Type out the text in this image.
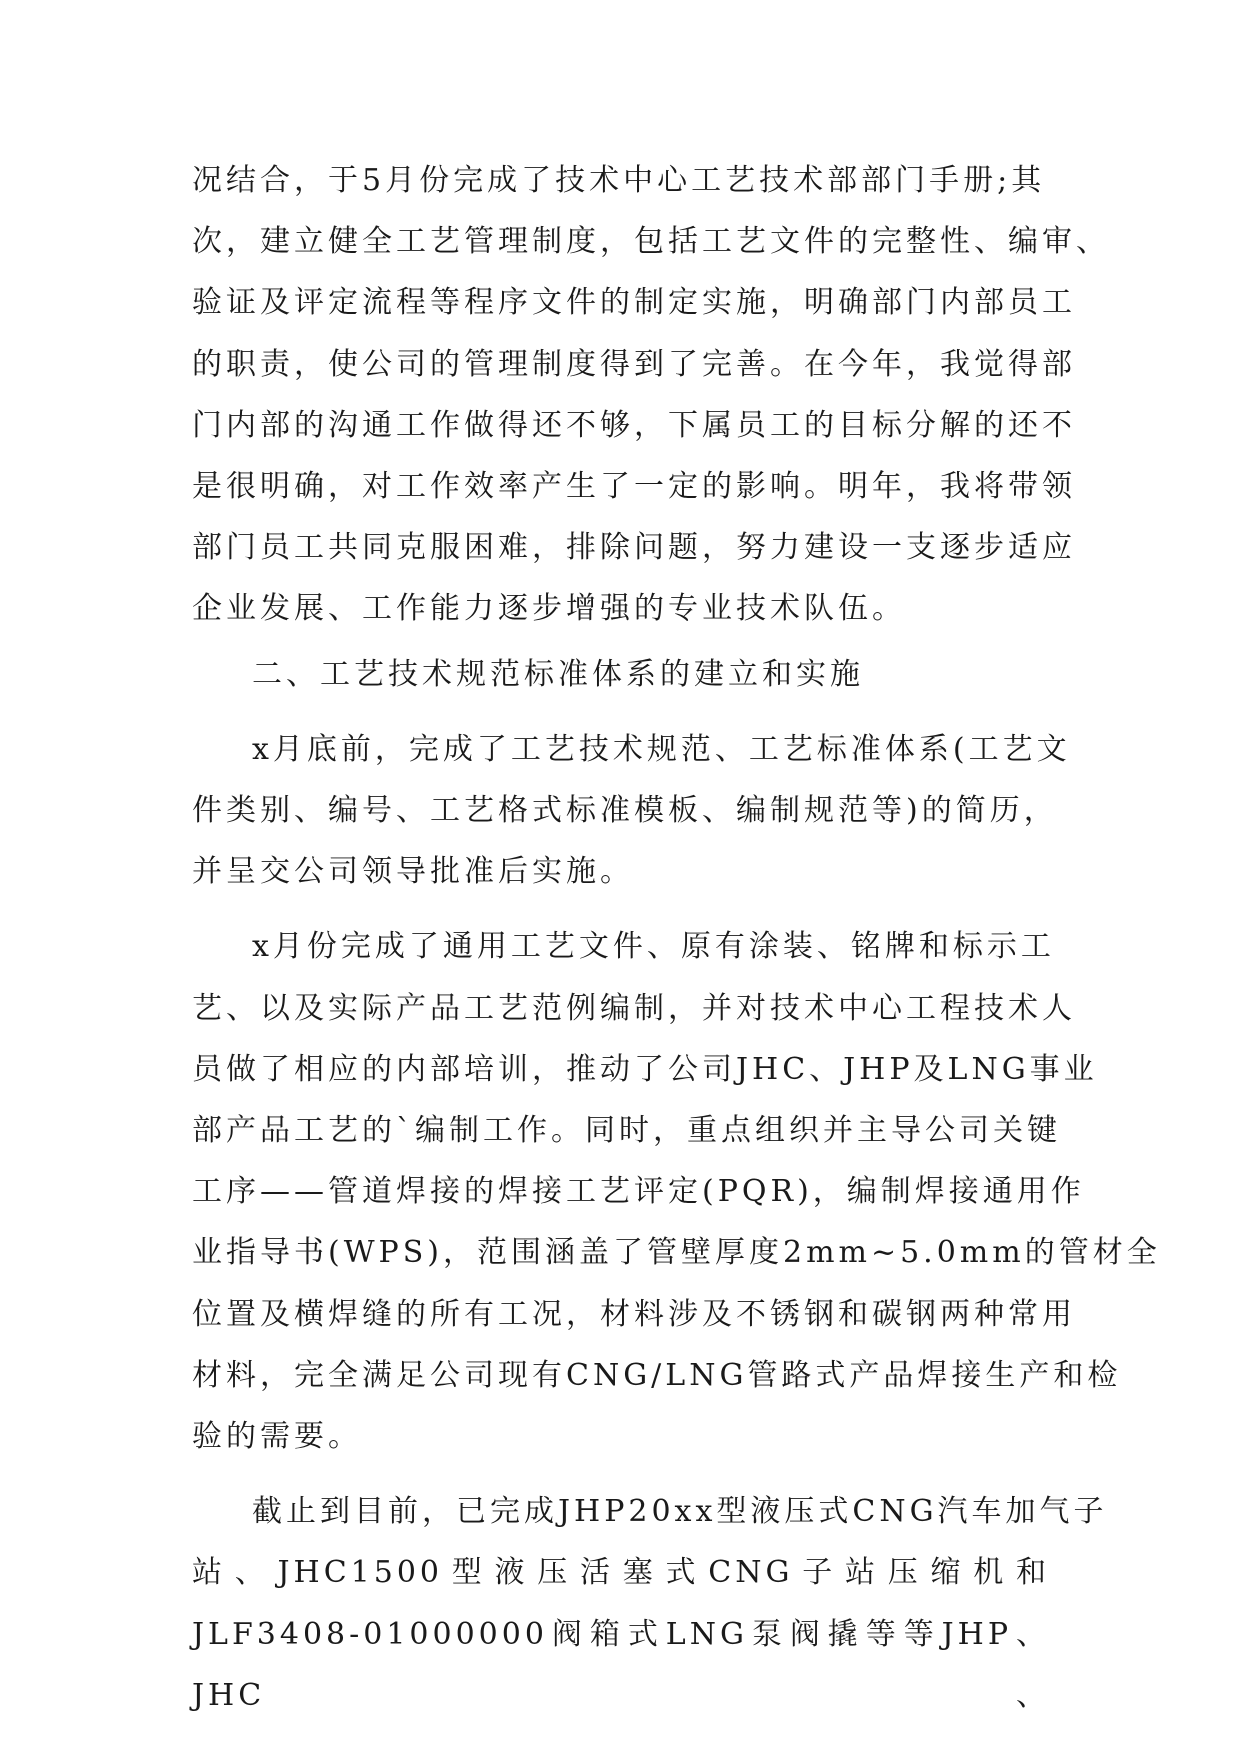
况结合，于5月份完成了技术中心工艺技术部部门手册;其
次，建立健全工艺管理制度，包括工艺文件的完整性、编审、
验证及评定流程等程序文件的制定实施，明确部门内部员工
的职责，使公司的管理制度得到了完善。在今年，我觉得部
门内部的沟通工作做得还不够，下属员工的目标分解的还不
是很明确，对工作效率产生了一定的影响。明年，我将带领
部门员工共同克服困难，排除问题，努力建设一支逐步适应
企业发展、工作能力逐步增强的专业技术队伍。

二、工艺技术规范标准体系的建立和实施

x月底前，完成了工艺技术规范、工艺标准体系(工艺文
件类别、编号、工艺格式标准模板、编制规范等)的简历，
并呈交公司领导批准后实施。

x月份完成了通用工艺文件、原有涂装、铭牌和标示工
艺、以及实际产品工艺范例编制，并对技术中心工程技术人
员做了相应的内部培训，推动了公司JHC、JHP及LNG事业
部产品工艺的`编制工作。同时，重点组织并主导公司关键
工序——管道焊接的焊接工艺评定(PQR)，编制焊接通用作
业指导书(WPS)，范围涵盖了管壁厚度2mm~5.0mm的管材全
位置及横焊缝的所有工况，材料涉及不锈钢和碳钢两种常用
材料，完全满足公司现有CNG/LNG管路式产品焊接生产和检
验的需要。

截止到目前，已完成JHP20xx型液压式CNG汽车加气子
站、JHC1500型液压活塞式CNG子站压缩机和
JLF3408-01000000阀箱式LNG泵阀撬等等JHP、JHC、
